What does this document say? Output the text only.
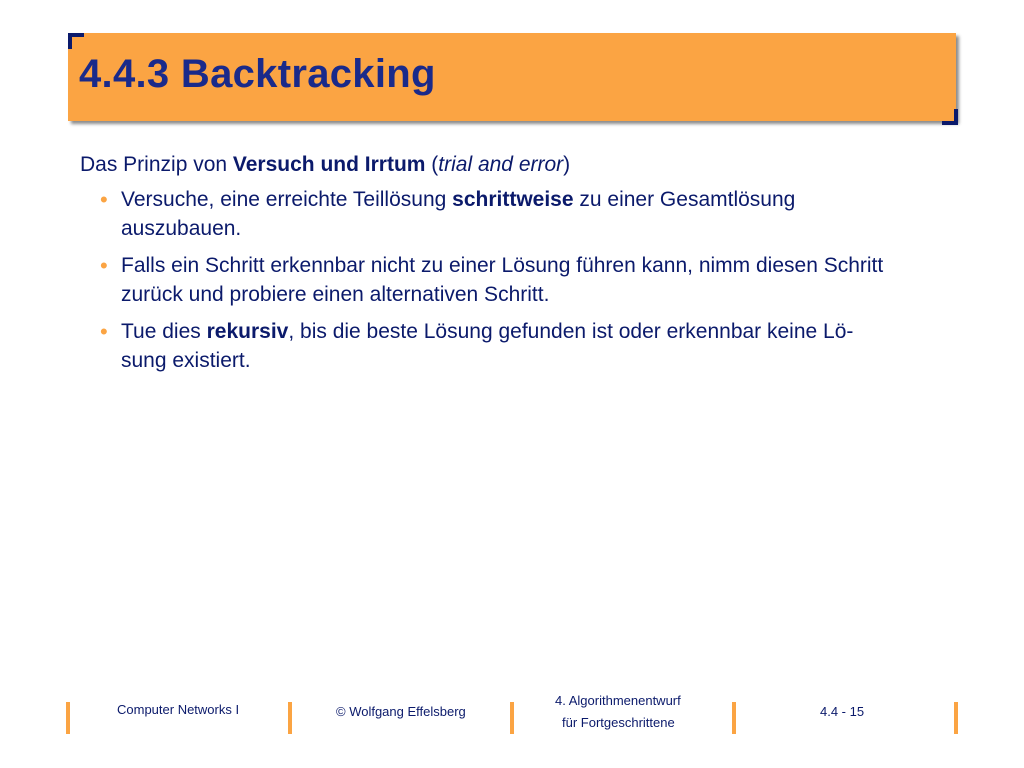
4.4.3 Backtracking

Das Prinzip von Versuch und Irrtum (trial and error)

• Versuche, eine erreichte Teillösung schrittweise zu einer Gesamtlösung auszubauen.
• Falls ein Schritt erkennbar nicht zu einer Lösung führen kann, nimm diesen Schritt zurück und probiere einen alternativen Schritt.
• Tue dies rekursiv, bis die beste Lösung gefunden ist oder erkennbar keine Lö-
sung existiert.
Computer Networks I	© Wolfgang Effelsberg
4. Algorithmenentwurf
für Fortgeschrittene
4.4 - 15
